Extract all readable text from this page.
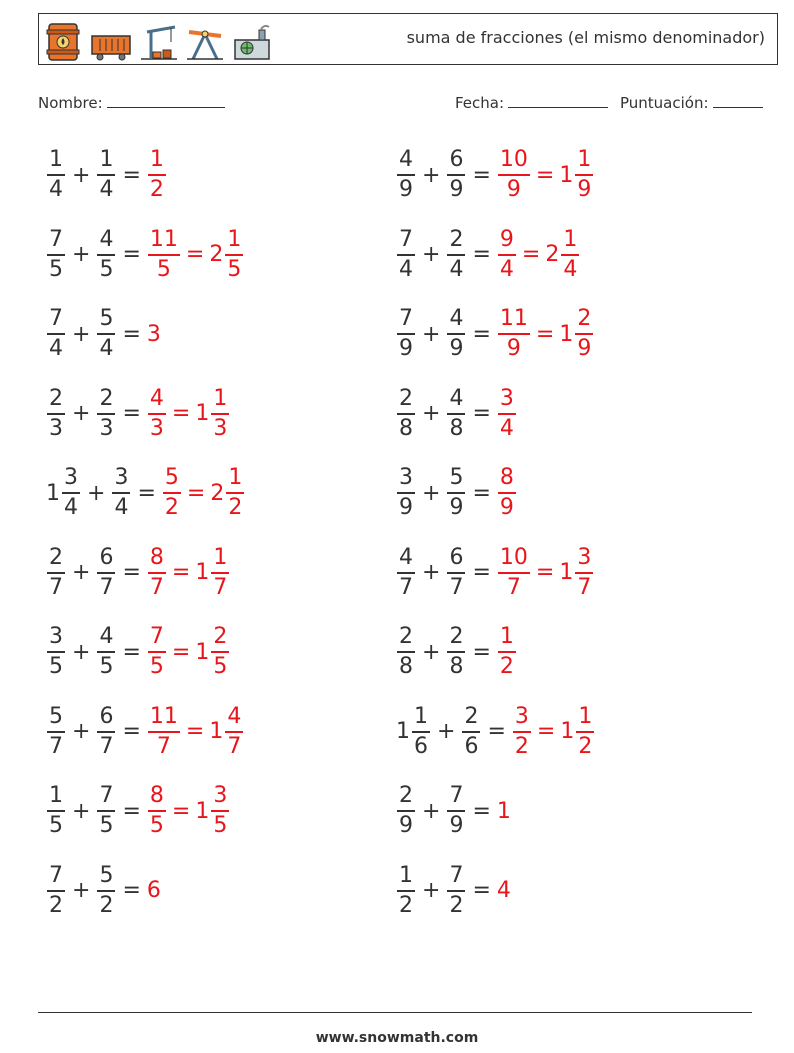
suma de fracciones (el mismo denominador)
Nombre:	Fecha:	Puntuación:
$\frac{1}{4} + \frac{1}{4} = \frac{1}{2}$	$\frac{4}{9} + \frac{6}{9} = \frac{10}{9} = 1 \frac{1}{9}$
$\frac{7}{5} + \frac{4}{5} = \frac{11}{5} = 2 \frac{1}{5}$	$\frac{7}{4} + \frac{2}{4} = \frac{9}{4} = 2 \frac{1}{4}$
$\frac{7}{4} + \frac{5}{4} = 3$	$\frac{7}{9} + \frac{4}{9} = \frac{11}{9} = 1 \frac{2}{9}$
$\frac{2}{3} + \frac{2}{3} = \frac{4}{3} = 1 \frac{1}{3}$	$\frac{2}{8} + \frac{4}{8} = \frac{3}{4}$
$1 \frac{3}{4} + \frac{3}{4} = \frac{5}{2} = 2 \frac{1}{2}$	$\frac{3}{9} + \frac{5}{9} = \frac{8}{9}$
$\frac{2}{7} + \frac{6}{7} = \frac{8}{7} = 1 \frac{1}{7}$	$\frac{4}{7} + \frac{6}{7} = \frac{10}{7} = 1 \frac{3}{7}$
$\frac{3}{5} + \frac{4}{5} = \frac{7}{5} = 1 \frac{2}{5}$	$\frac{2}{8} + \frac{2}{8} = \frac{1}{2}$
$\frac{5}{7} + \frac{6}{7} = \frac{11}{7} = 1 \frac{4}{7}$	$1 \frac{1}{6} + \frac{2}{6} = \frac{3}{2} = 1 \frac{1}{2}$
$\frac{1}{5} + \frac{7}{5} = \frac{8}{5} = 1 \frac{3}{5}$	$\frac{2}{9} + \frac{7}{9} = 1$
$\frac{7}{2} + \frac{5}{2} = 6$	$\frac{1}{2} + \frac{7}{2} = 4$
www.snowmath.com
